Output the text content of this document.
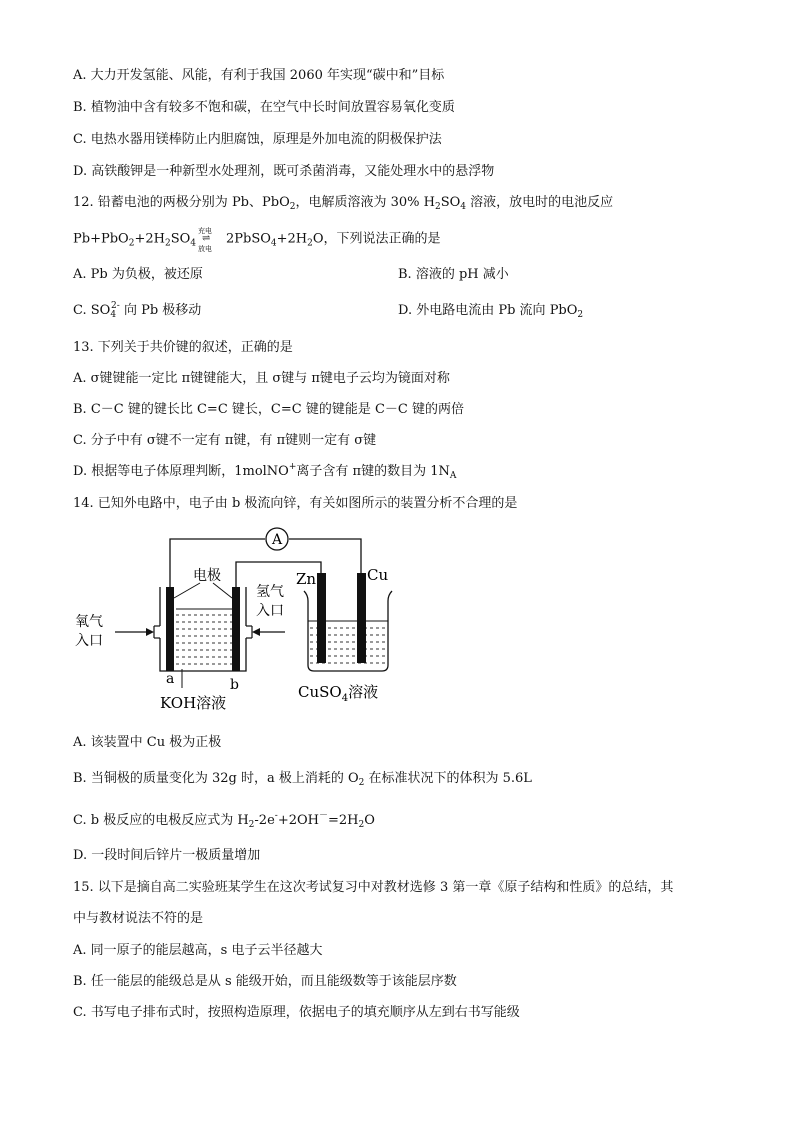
A. 大力开发氢能、风能，有利于我国 2060 年实现“碳中和”目标
B. 植物油中含有较多不饱和碳，在空气中长时间放置容易氧化变质
C. 电热水器用镁棒防止内胆腐蚀，原理是外加电流的阴极保护法
D. 高铁酸钾是一种新型水处理剂，既可杀菌消毒，又能处理水中的悬浮物
12. 铅蓄电池的两极分别为 Pb、PbO$_2$，电解质溶液为 30% $H_2SO_4$ 溶液，放电时的电池反应
$Pb+PbO_2+2H_2SO_4$
充电
⇌
放电
$2PbSO_4+2H_2O$，下列说法正确的是
A. Pb 为负极，被还原	B. 溶液的 pH 减小
C. $SO_4^{2-}$ 向 Pb 极移动	D. 外电路电流由 Pb 流向 PbO$_2$
13. 下列关于共价键的叙述，正确的是
A. σ键键能一定比 π键键能大，且 σ键与 π键电子云均为镜面对称
B. C－C 键的键长比 C=C 键长，C=C 键的键能是 C－C 键的两倍
C. 分子中有 σ键不一定有 π键，有 π键则一定有 σ键
D. 根据等电子体原理判断，1molNO+离子含有 π键的数目为 $1N_A$
14. 已知外电路中，电子由 b 极流向锌，有关如图所示的装置分析不合理的是
A
电极
氧气
入口
氢气
入口
a	b
KOH溶液
Zn	Cu
CuSO$_4$溶液
A. 该装置中 Cu 极为正极
B. 当铜极的质量变化为 32g 时，a 极上消耗的 $O_2$ 在标准状况下的体积为 5.6L
C. b 极反应的电极反应式为 $H_2-2e^-+2OH^-=2H_2O$
D. 一段时间后锌片一极质量增加
15. 以下是摘自高二实验班某学生在这次考试复习中对教材选修 3 第一章《原子结构和性质》的总结，其
中与教材说法不符的是
A. 同一原子的能层越高，s 电子云半径越大
B. 任一能层的能级总是从 s 能级开始，而且能级数等于该能层序数
C. 书写电子排布式时，按照构造原理，依据电子的填充顺序从左到右书写能级
